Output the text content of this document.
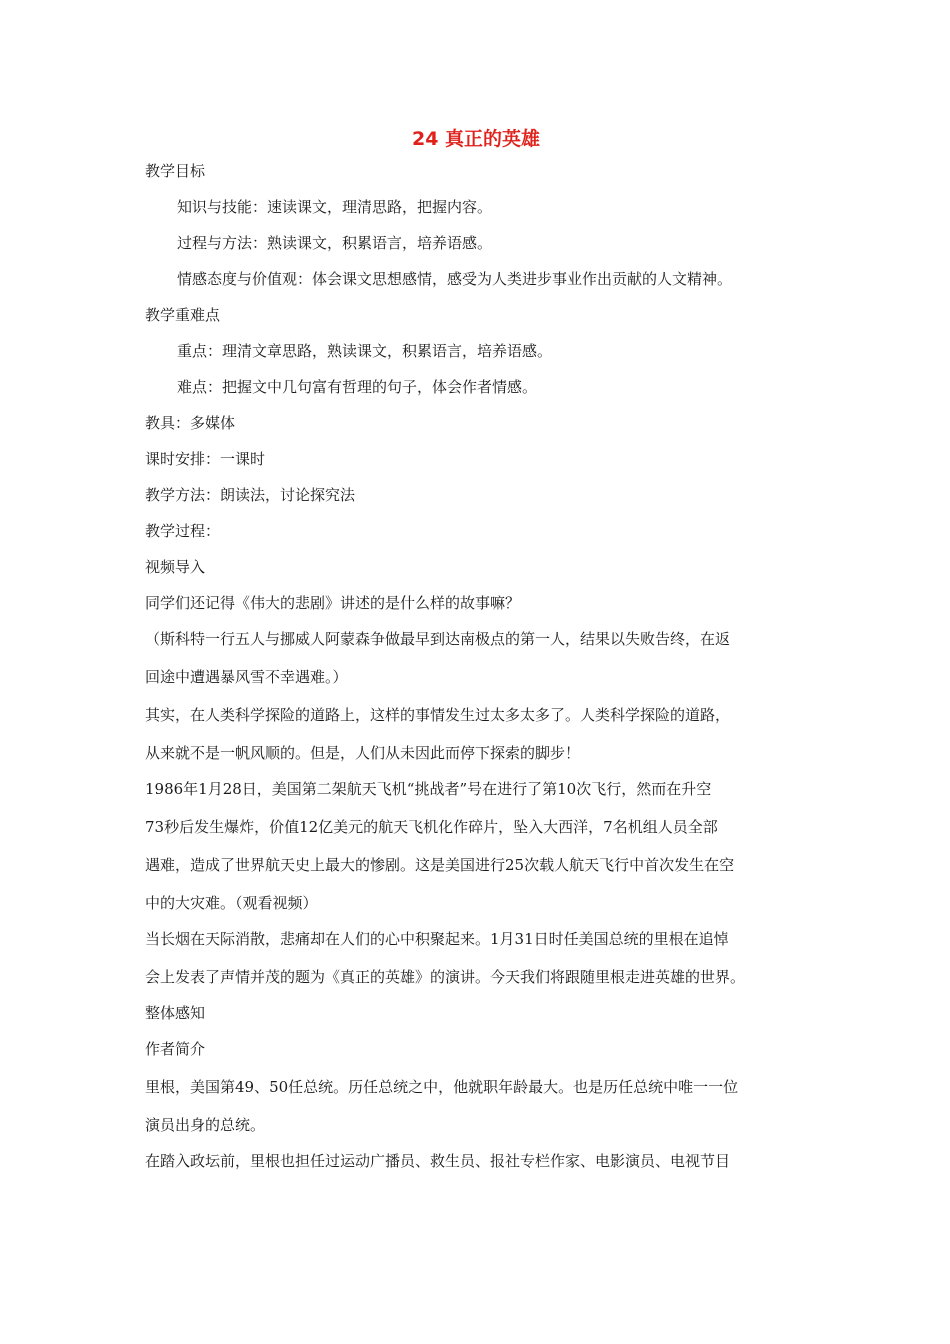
24 真正的英雄
教学目标
知识与技能：速读课文，理清思路，把握内容。
过程与方法：熟读课文，积累语言，培养语感。
情感态度与价值观：体会课文思想感情，感受为人类进步事业作出贡献的人文精神。
教学重难点
重点：理清文章思路，熟读课文，积累语言，培养语感。
难点：把握文中几句富有哲理的句子，体会作者情感。
教具：多媒体
课时安排：一课时
教学方法：朗读法，讨论探究法
教学过程：
视频导入
同学们还记得《伟大的悲剧》讲述的是什么样的故事嘛？
（斯科特一行五人与挪威人阿蒙森争做最早到达南极点的第一人，结果以失败告终，在返
回途中遭遇暴风雪不幸遇难。）
其实，在人类科学探险的道路上，这样的事情发生过太多太多了。人类科学探险的道路，
从来就不是一帆风顺的。但是，人们从未因此而停下探索的脚步！
1986年1月28日，美国第二架航天飞机“挑战者”号在进行了第10次飞行，然而在升空
73秒后发生爆炸，价值12亿美元的航天飞机化作碎片，坠入大西洋，7名机组人员全部
遇难，造成了世界航天史上最大的惨剧。这是美国进行25次载人航天飞行中首次发生在空
中的大灾难。（观看视频）
当长烟在天际消散，悲痛却在人们的心中积聚起来。1月31日时任美国总统的里根在追悼
会上发表了声情并茂的题为《真正的英雄》的演讲。今天我们将跟随里根走进英雄的世界。
整体感知
作者简介
里根，美国第49、50任总统。历任总统之中，他就职年龄最大。也是历任总统中唯一一位
演员出身的总统。
在踏入政坛前，里根也担任过运动广播员、救生员、报社专栏作家、电影演员、电视节目
